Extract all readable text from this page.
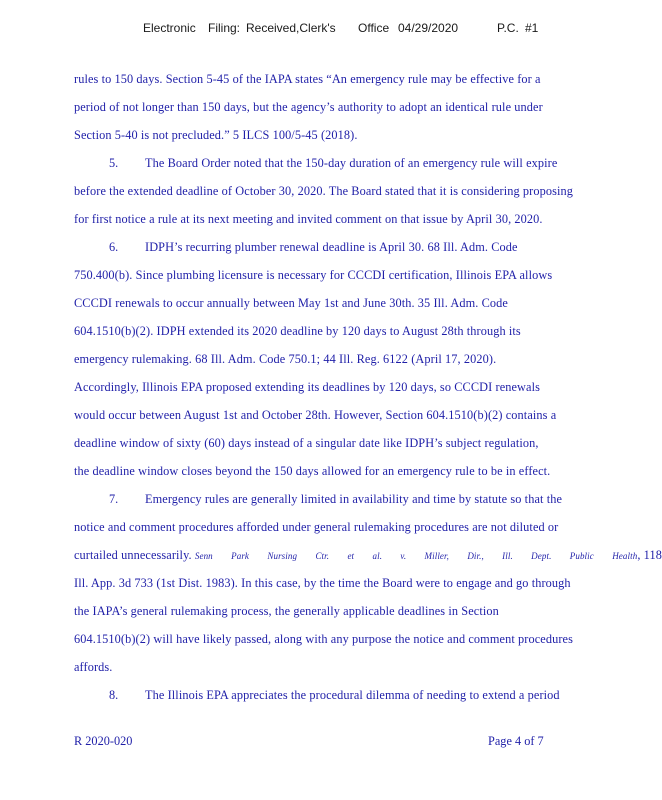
Electronic Filing: Received,Clerk's Office 04/29/2020	P.C. #1
rules to 150 days. Section 5-45 of the IAPA states “An emergency rule may be effective for a
period of not longer than 150 days, but the agency’s authority to adopt an identical rule under
Section 5-40 is not precluded.” 5 ILCS 100/5-45 (2018).
5. The Board Order noted that the 150-day duration of an emergency rule will expire
before the extended deadline of October 30, 2020. The Board stated that it is considering proposing
for first notice a rule at its next meeting and invited comment on that issue by April 30, 2020.
6. IDPH’s recurring plumber renewal deadline is April 30. 68 Ill. Adm. Code
750.400(b). Since plumbing licensure is necessary for CCCDI certification, Illinois EPA allows
CCCDI renewals to occur annually between May 1st and June 30th. 35 Ill. Adm. Code
604.1510(b)(2). IDPH extended its 2020 deadline by 120 days to August 28th through its
emergency rulemaking. 68 Ill. Adm. Code 750.1; 44 Ill. Reg. 6122 (April 17, 2020).
Accordingly, Illinois EPA proposed extending its deadlines by 120 days, so CCCDI renewals
would occur between August 1st and October 28th. However, Section 604.1510(b)(2) contains a
deadline window of sixty (60) days instead of a singular date like IDPH’s subject regulation,
the deadline window closes beyond the 150 days allowed for an emergency rule to be in effect.
7. Emergency rules are generally limited in availability and time by statute so that the
notice and comment procedures afforded under general rulemaking procedures are not diluted or
curtailed unnecessarily. Senn Park Nursing Ctr. et al. v. Miller, Dir., Ill. Dept. Public Health, 118
Ill. App. 3d 733 (1st Dist. 1983). In this case, by the time the Board were to engage and go through
the IAPA’s general rulemaking process, the generally applicable deadlines in Section
604.1510(b)(2) will have likely passed, along with any purpose the notice and comment procedures
affords.
8. The Illinois EPA appreciates the procedural dilemma of needing to extend a period
R 2020-020	Page 4 of 7
